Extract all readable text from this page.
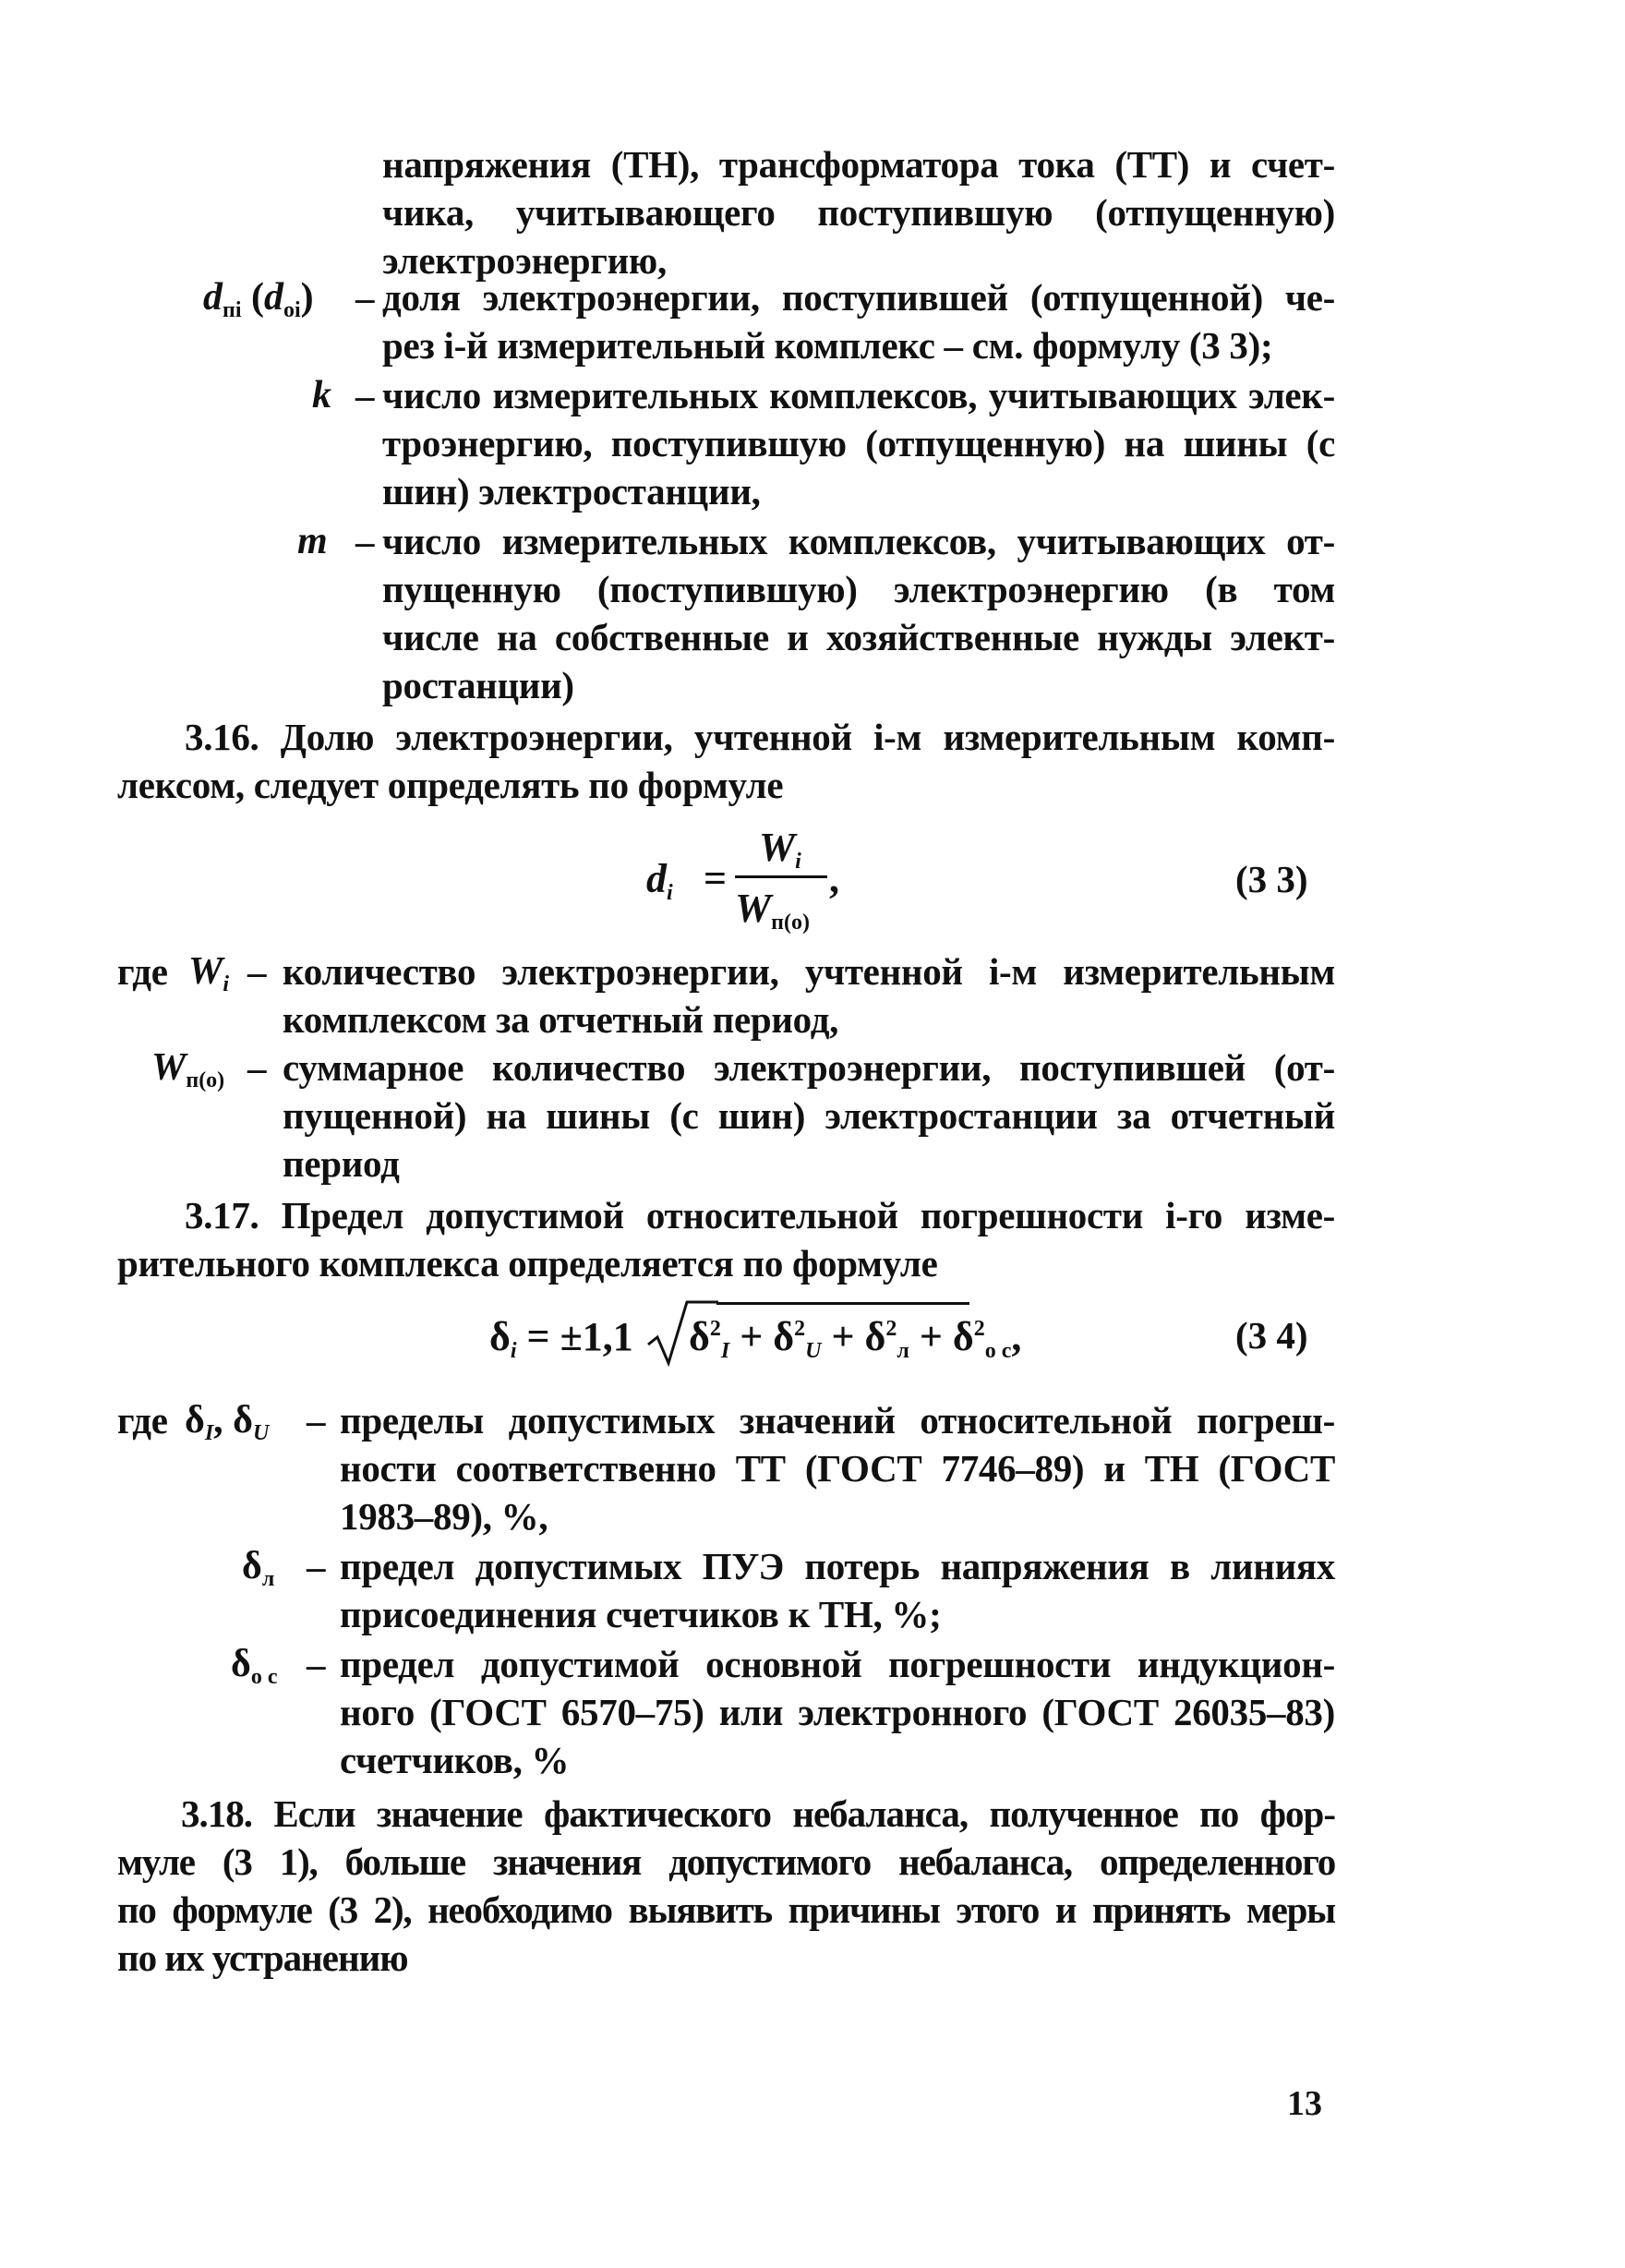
напряжения (ТН), трансформатора тока (ТТ) и счет-
чика, учитывающего поступившую (отпущенную)
электроэнергию,
$d_{пi}$ $(d_{оi})$ – доля электроэнергии, поступившей (отпущенной) че-
рез i-й измерительный комплекс – см. формулу (3 3);
k – число измерительных комплексов, учитывающих элек-
троэнергию, поступившую (отпущенную) на шины (с
шин) электростанции,
m – число измерительных комплексов, учитывающих от-
пущенную (поступившую) электроэнергию (в том
числе на собственные и хозяйственные нужды элект-
ростанции)
3.16. Долю электроэнергии, учтенной i-м измерительным комп-
лексом, следует определять по формуле
$d_i$ =
$W_i$
$W_{п(о)}$
,	(3 3)
где $W_i$ – количество электроэнергии, учтенной i-м измерительным
комплексом за отчетный период,
$W_{п(о)}$ – суммарное количество электроэнергии, поступившей (от-
пущенной) на шины (с шин) электростанции за отчетный
период
3.17. Предел допустимой относительной погрешности i-го изме-
рительного комплекса определяется по формуле
$\delta_i = \pm 1,1$ $\delta^2_I + \delta^2_U + \delta^2_л + \delta^2_{о с}$,	(3 4)
где $\delta_I$, $\delta_U$ – пределы допустимых значений относительной погреш-
ности соответственно ТТ (ГОСТ 7746–89) и ТН (ГОСТ
1983–89), %,
$\delta_л$ – предел допустимых ПУЭ потерь напряжения в линиях
присоединения счетчиков к ТН, %;
$\delta_{о с}$ – предел допустимой основной погрешности индукцион-
ного (ГОСТ 6570–75) или электронного (ГОСТ 26035–83)
счетчиков, %
3.18. Если значение фактического небаланса, полученное по фор-
муле (3 1), больше значения допустимого небаланса, определенного
по формуле (3 2), необходимо выявить причины этого и принять меры
по их устранению
13
